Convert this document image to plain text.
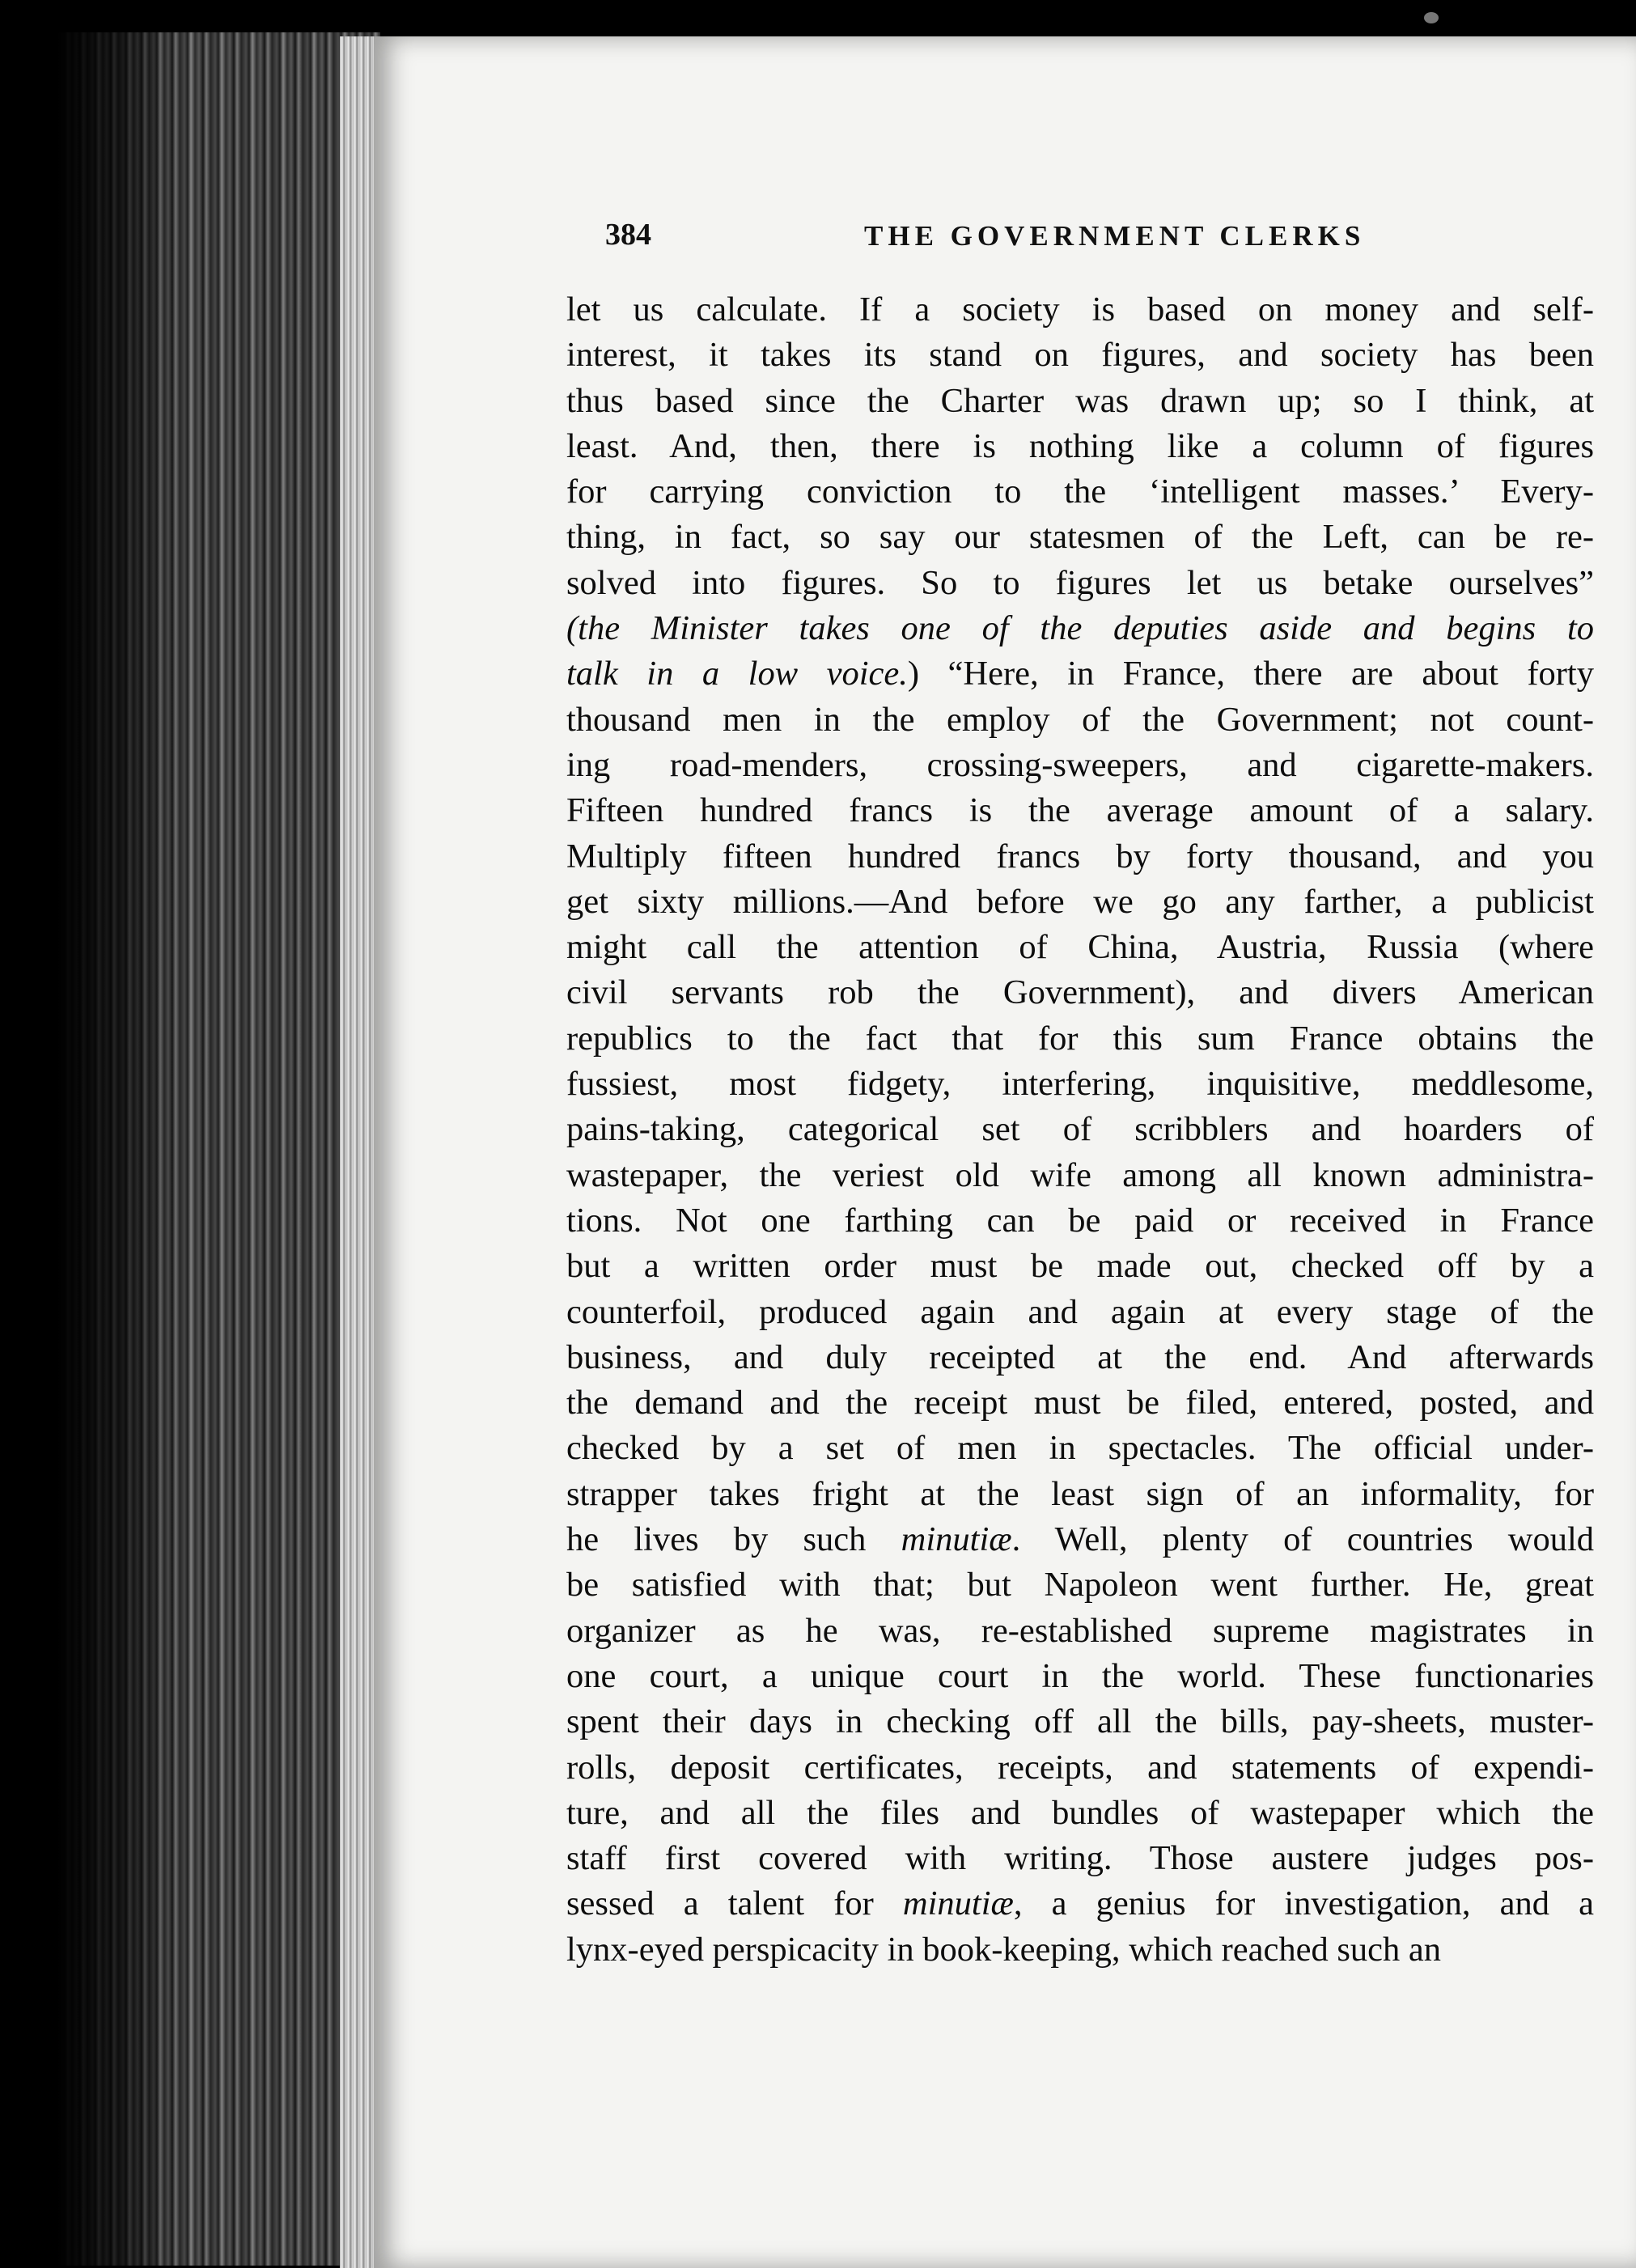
384	THE GOVERNMENT CLERKS
let us calculate. If a society is based on money and self-
interest, it takes its stand on figures, and society has been
thus based since the Charter was drawn up; so I think, at
least. And, then, there is nothing like a column of figures
for carrying conviction to the ‘intelligent masses.’ Every-
thing, in fact, so say our statesmen of the Left, can be re-
solved into figures. So to figures let us betake ourselves”
(the Minister takes one of the deputies aside and begins to
talk in a low voice.) “Here, in France, there are about forty
thousand men in the employ of the Government; not count-
ing road-menders, crossing-sweepers, and cigarette-makers.
Fifteen hundred francs is the average amount of a salary.
Multiply fifteen hundred francs by forty thousand, and you
get sixty millions.—And before we go any farther, a publicist
might call the attention of China, Austria, Russia (where
civil servants rob the Government), and divers American
republics to the fact that for this sum France obtains the
fussiest, most fidgety, interfering, inquisitive, meddlesome,
pains-taking, categorical set of scribblers and hoarders of
wastepaper, the veriest old wife among all known administra-
tions. Not one farthing can be paid or received in France
but a written order must be made out, checked off by a
counterfoil, produced again and again at every stage of the
business, and duly receipted at the end. And afterwards
the demand and the receipt must be filed, entered, posted, and
checked by a set of men in spectacles. The official under-
strapper takes fright at the least sign of an informality, for
he lives by such minutiæ. Well, plenty of countries would
be satisfied with that; but Napoleon went further. He, great
organizer as he was, re-established supreme magistrates in
one court, a unique court in the world. These functionaries
spent their days in checking off all the bills, pay-sheets, muster-
rolls, deposit certificates, receipts, and statements of expendi-
ture, and all the files and bundles of wastepaper which the
staff first covered with writing. Those austere judges pos-
sessed a talent for minutiæ, a genius for investigation, and a
lynx-eyed perspicacity in book-keeping, which reached such an
